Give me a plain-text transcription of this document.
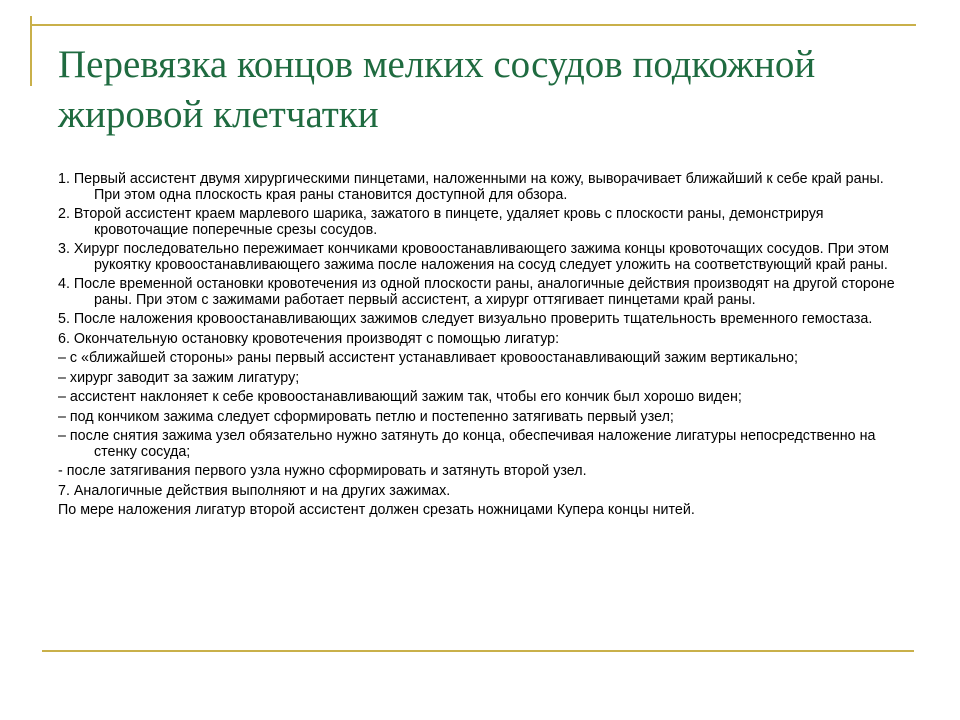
Перевязка концов мелких сосудов подкожной
жировой клетчатки
1. Первый ассистент двумя хирургическими пинцетами, наложенными на кожу, выворачивает ближайший к себе край раны. При этом одна плоскость края раны становится доступной для обзора.
2. Второй ассистент краем марлевого шарика, зажатого в пинцете, удаляет кровь с плоскости раны, демонстрируя кровоточащие поперечные срезы сосудов.
3. Хирург последовательно пережимает кончиками кровоостанавливающего зажима концы кровоточащих сосудов. При этом рукоятку кровоостанавливающего зажима после наложения на сосуд следует уложить на соответствующий край раны.
4. После временной остановки кровотечения из одной плоскости раны, аналогичные действия производят на другой стороне раны. При этом с зажимами работает первый ассистент, а хирург оттягивает пинцетами край раны.
5. После наложения кровоостанавливающих зажимов следует визуально проверить тщательность временного гемостаза.
6. Окончательную остановку кровотечения производят с помощью лигатур:
– с «ближайшей стороны» раны первый ассистент устанавливает кровоостанавливающий зажим вертикально;
– хирург заводит за зажим лигатуру;
– ассистент наклоняет к себе кровоостанавливающий зажим так, чтобы его кончик был хорошо виден;
– под кончиком зажима следует сформировать петлю и постепенно затягивать первый узел;
– после снятия зажима узел обязательно нужно затянуть до конца, обеспечивая наложение лигатуры непосредственно на стенку сосуда;
- после затягивания первого узла нужно сформировать и затянуть второй узел.
7. Аналогичные действия выполняют и на других зажимах.
По мере наложения лигатур второй ассистент должен срезать ножницами Купера концы нитей.
